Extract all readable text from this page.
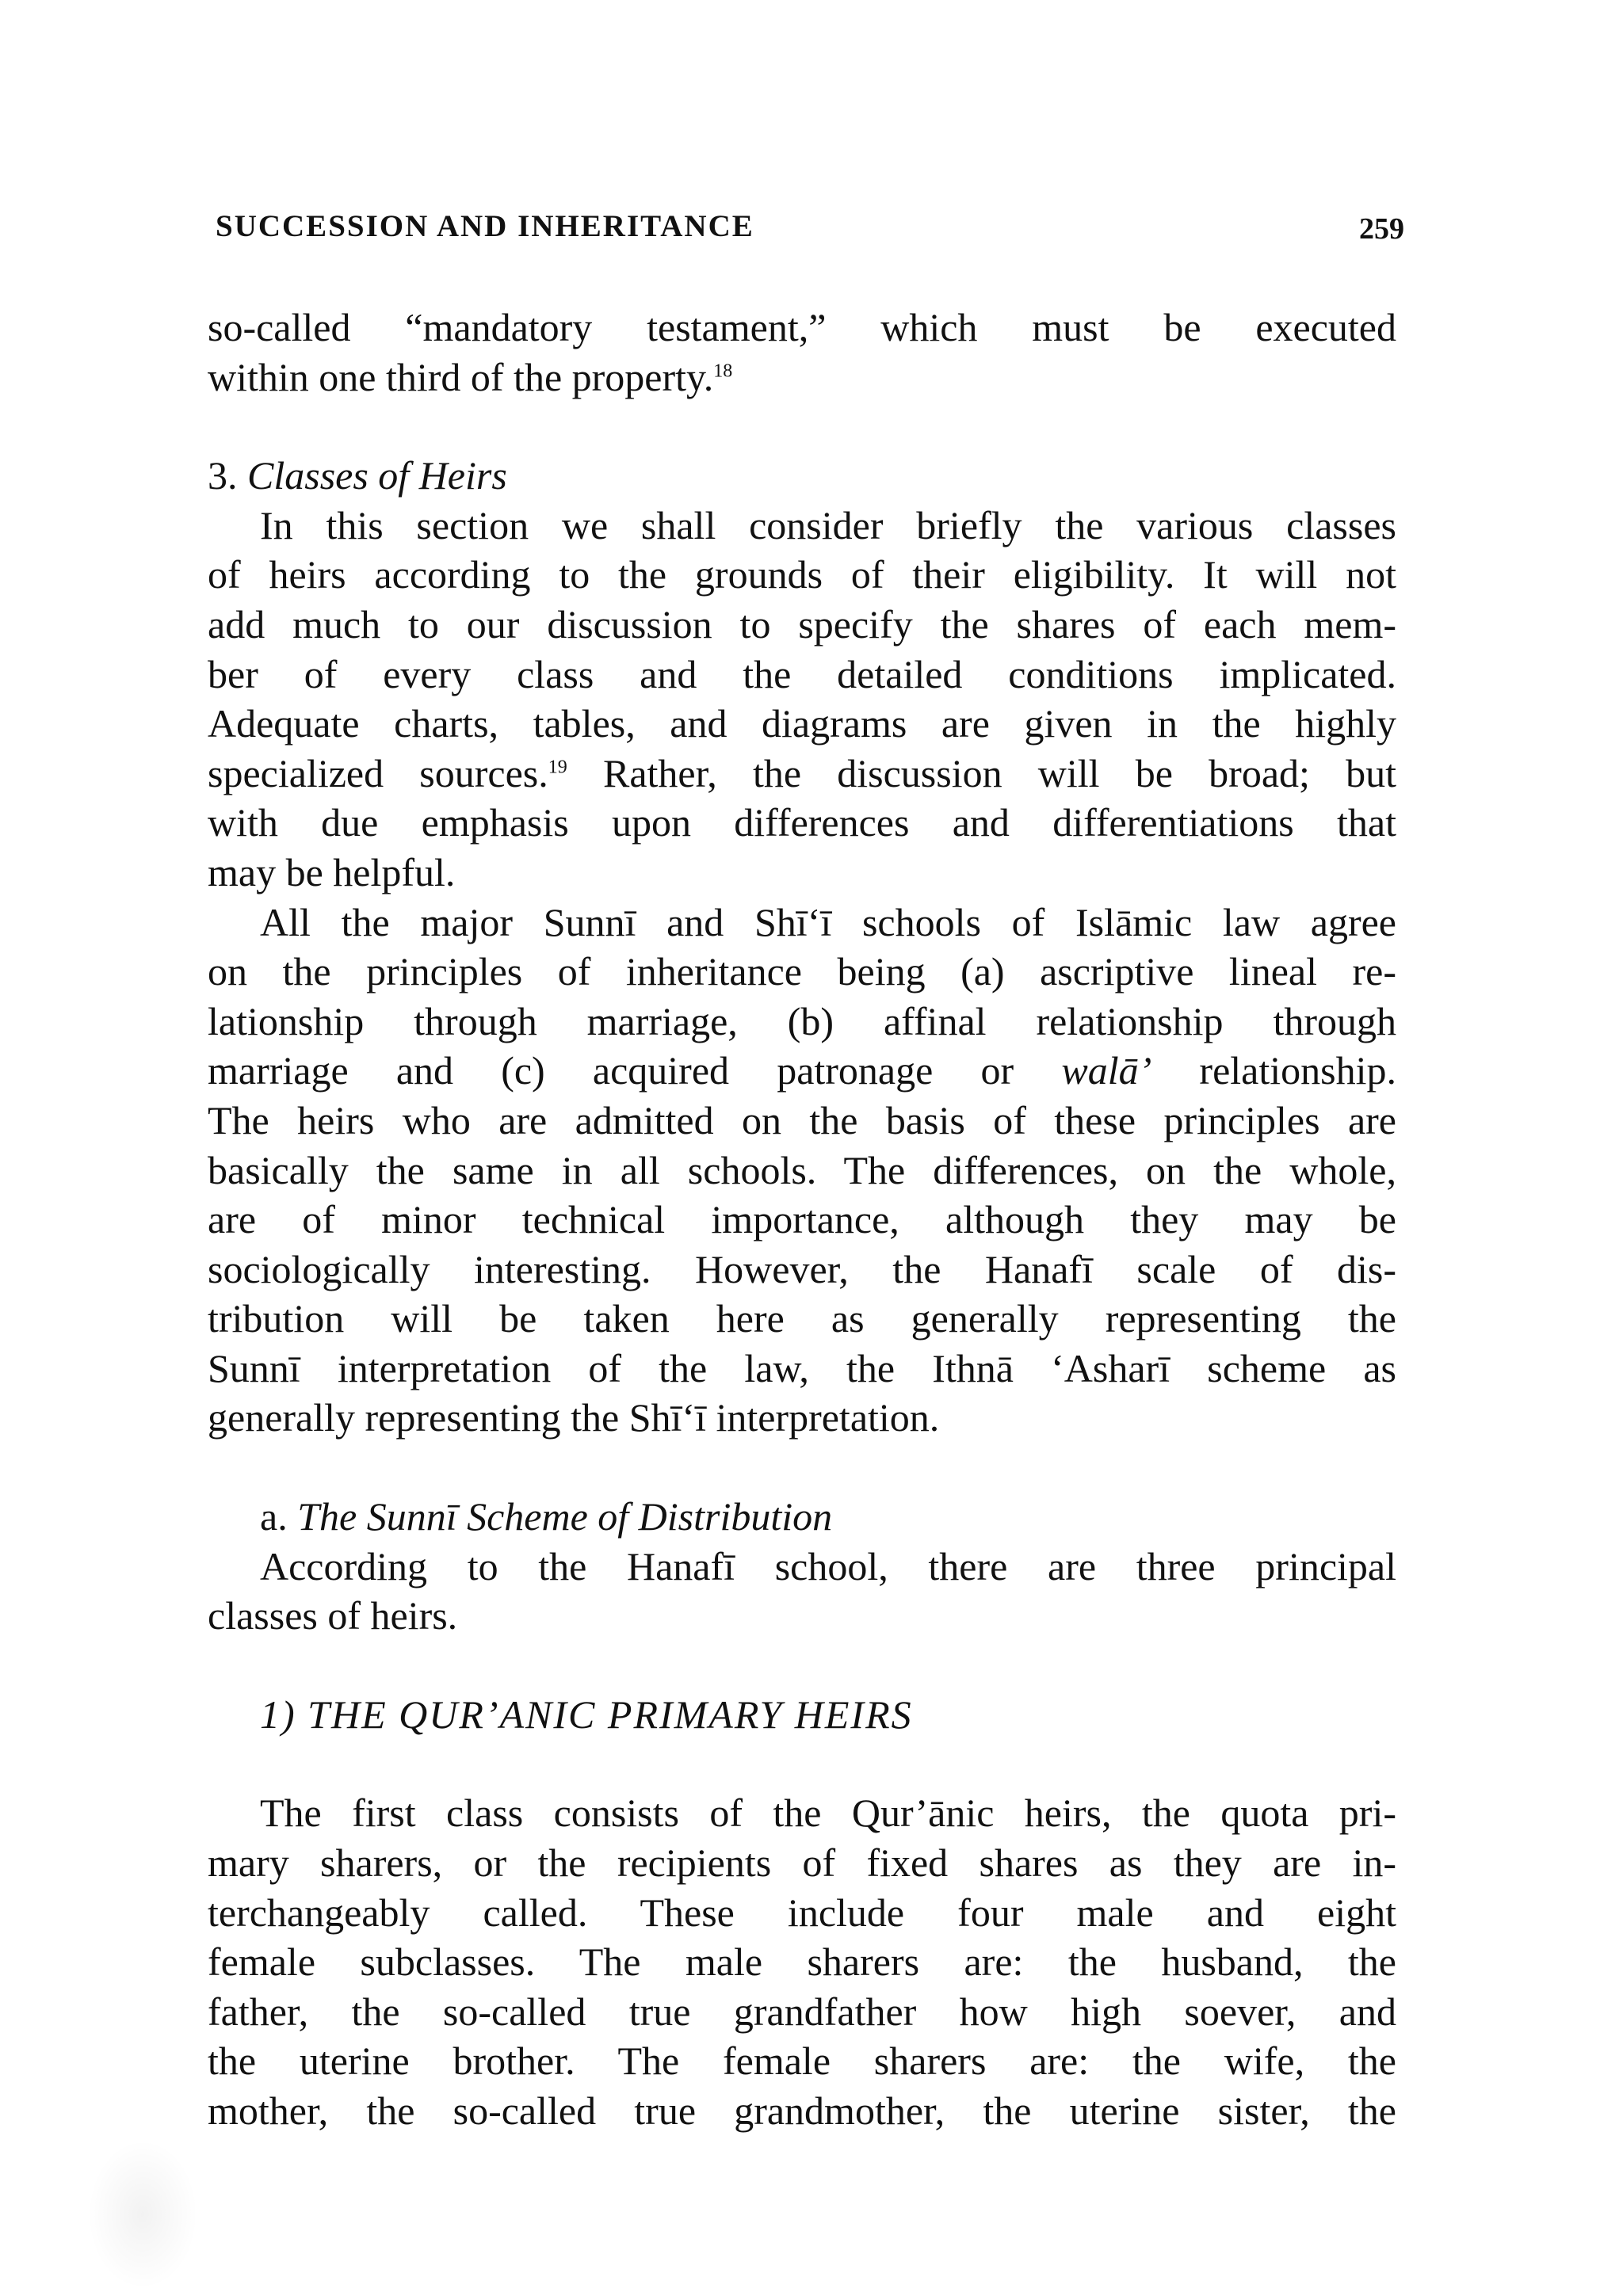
SUCCESSION AND INHERITANCE	259
so-called “mandatory testament,” which must be executed
within one third of the property.$^{18}$
3. Classes of Heirs
In this section we shall consider briefly the various classes
of heirs according to the grounds of their eligibility. It will not
add much to our discussion to specify the shares of each mem-
ber of every class and the detailed conditions implicated.
Adequate charts, tables, and diagrams are given in the highly
specialized sources.$^{19}$ Rather, the discussion will be broad; but
with due emphasis upon differences and differentiations that
may be helpful.
All the major Sunnī and Shī‘ī schools of Islāmic law agree
on the principles of inheritance being (a) ascriptive lineal re-
lationship through marriage, (b) affinal relationship through
marriage and (c) acquired patronage or walā’ relationship.
The heirs who are admitted on the basis of these principles are
basically the same in all schools. The differences, on the whole,
are of minor technical importance, although they may be
sociologically interesting. However, the Hanafī scale of dis-
tribution will be taken here as generally representing the
Sunnī interpretation of the law, the Ithnā ‘Asharī scheme as
generally representing the Shī‘ī interpretation.
a. The Sunnī Scheme of Distribution
According to the Hanafī school, there are three principal
classes of heirs.
1) THE QUR’ANIC PRIMARY HEIRS
The first class consists of the Qur’ānic heirs, the quota pri-
mary sharers, or the recipients of fixed shares as they are in-
terchangeably called. These include four male and eight
female subclasses. The male sharers are: the husband, the
father, the so-called true grandfather how high soever, and
the uterine brother. The female sharers are: the wife, the
mother, the so-called true grandmother, the uterine sister, the
